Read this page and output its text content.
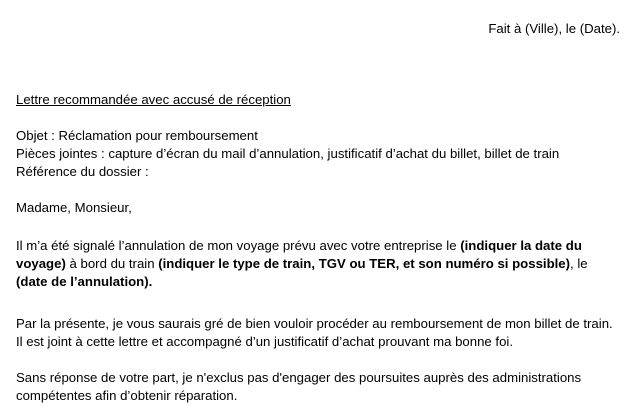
Fait à (Ville), le (Date).
Lettre recommandée avec accusé de réception
Objet : Réclamation pour remboursement
Pièces jointes : capture d’écran du mail d’annulation, justificatif d’achat du billet, billet de train
Référence du dossier :
Madame, Monsieur,
Il m’a été signalé l’annulation de mon voyage prévu avec votre entreprise le (indiquer la date du voyage) à bord du train (indiquer le type de train, TGV ou TER, et son numéro si possible), le (date de l’annulation).
Par la présente, je vous saurais gré de bien vouloir procéder au remboursement de mon billet de train. Il est joint à cette lettre et accompagné d’un justificatif d’achat prouvant ma bonne foi.
Sans réponse de votre part, je n'exclus pas d'engager des poursuites auprès des administrations compétentes afin d’obtenir réparation.
